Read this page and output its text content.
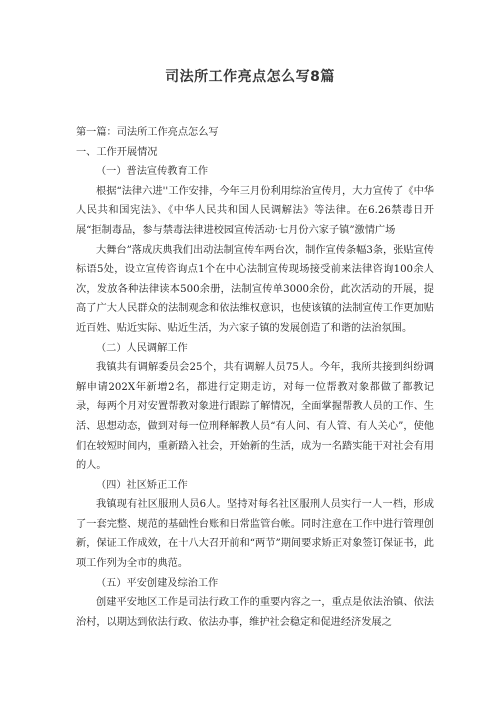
司法所工作亮点怎么写8篇
第一篇：司法所工作亮点怎么写
一、工作开展情况
（一）普法宣传教育工作

根据“法律六进''工作安排，今年三月份利用综治宣传月，大力宣传了《中华人民共和国宪法》、《中华人民共和国人民调解法》等法律。在6.26禁毒日开展“拒制毒品，参与禁毒法律进校园宣传活动·七月份六家子镇”激情广场

大舞台”落成庆典我们出动法制宣传车两台次，制作宣传条幅3条，张贴宣传标语5处，设立宣传咨询点1个在中心法制宣传现场接受前来法律咨询100余人次，发放各种法律读本500余册，法制宣传单3000余份，此次活动的开展，提高了广大人民群众的法制观念和依法维权意识，也使该镇的法制宣传工作更加贴近百姓、贴近实际、贴近生活，为六家子镇的发展创造了和谐的法治氛围。

（二）人民调解工作

我镇共有调解委员会25个，共有调解人员75人。今年，我所共接到纠纷调解申请202X年新增2名，都进行定期走访，对每一位帮教对象都做了都教记录，每两个月对安置帮教对象进行跟踪了解情况，全面掌握帮教人员的工作、生活、思想动态，做到对每一位刑释解教人员“有人问、有人管、有人关心”，使他们在较短时间内，重新踏入社会，开始新的生活，成为一名踏实能干对社会有用的人。

（四）社区矫正工作

我镇现有社区服刑人员6人。坚持对每名社区服刑人员实行一人一档，形成了一套完整、规范的基础性台账和日常监管台帐。同时注意在工作中进行管理创新，保证工作成效，在十八大召开前和“两节”期间要求矫正对象签订保证书，此项工作列为全市的典范。

（五）平安创建及综治工作

创建平安地区工作是司法行政工作的重要内容之一，重点是依法治镇、依法治村，以期达到依法行政、依法办事，维护社会稳定和促进经济发展之
